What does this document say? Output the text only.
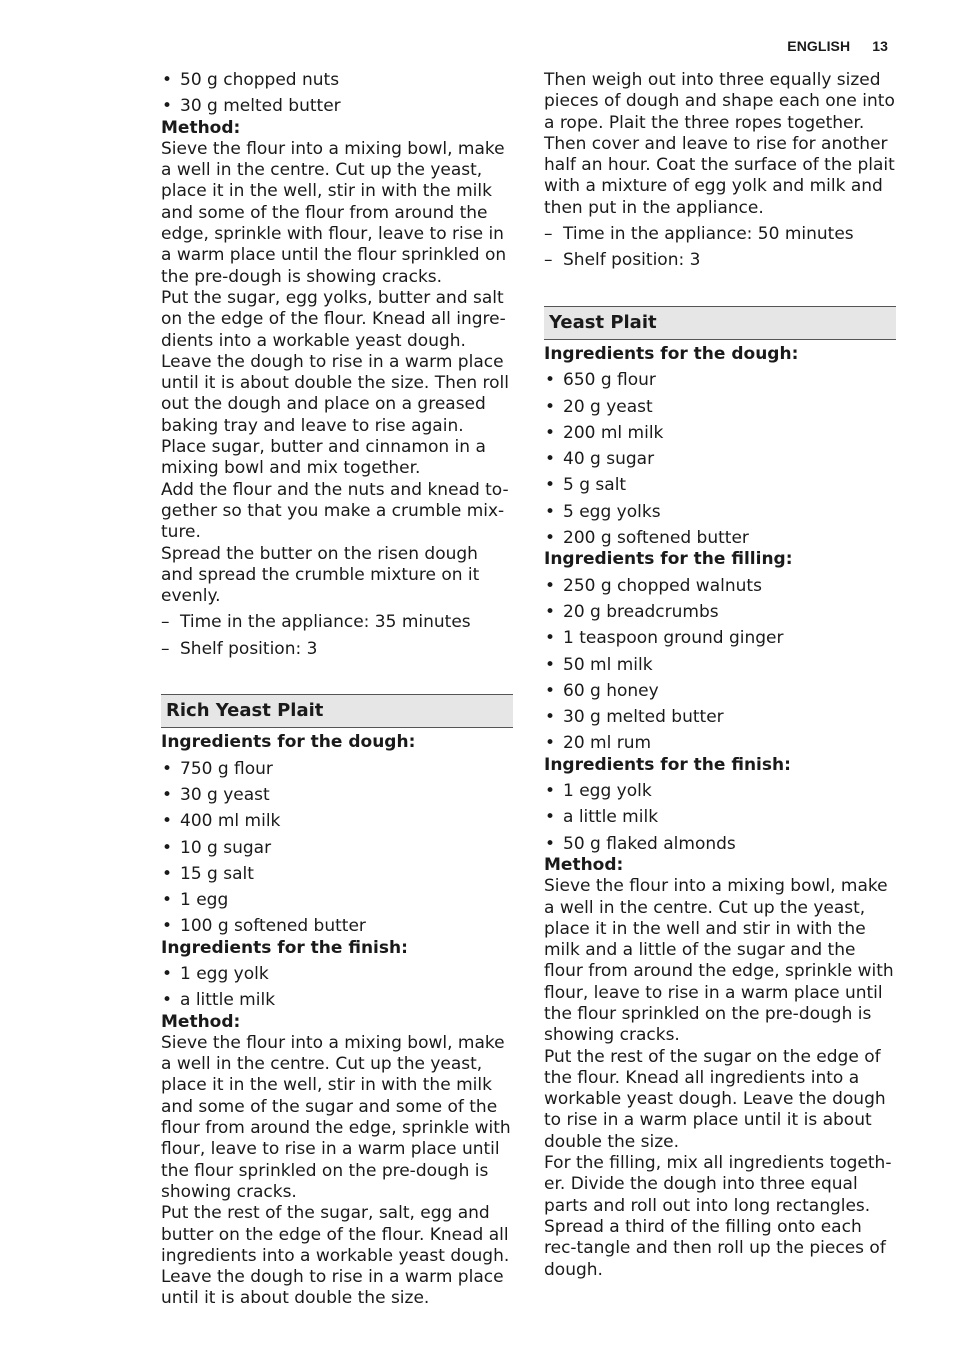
ENGLISH 13
• 50 g chopped nuts
• 30 g melted butter

Method:

Sieve the flour into a mixing bowl, make a well in the centre. Cut up the yeast, place it in the well, stir in with the milk and some of the flour from around the edge, sprinkle with flour, leave to rise in a warm place until the flour sprinkled on the pre-dough is showing cracks.

Put the sugar, egg yolks, butter and salt on the edge of the flour. Knead all ingre-dients into a workable yeast dough.

Leave the dough to rise in a warm place until it is about double the size. Then roll out the dough and place on a greased baking tray and leave to rise again.

Place sugar, butter and cinnamon in a mixing bowl and mix together.

Add the flour and the nuts and knead to-gether so that you make a crumble mix-ture.

Spread the butter on the risen dough and spread the crumble mixture on it evenly.

– Time in the appliance: 35 minutes
– Shelf position: 3
Rich Yeast Plait

Ingredients for the dough:

• 750 g flour
• 30 g yeast
• 400 ml milk
• 10 g sugar
• 15 g salt
• 1 egg
• 100 g softened butter

Ingredients for the finish:

• 1 egg yolk
• a little milk

Method:

Sieve the flour into a mixing bowl, make a well in the centre. Cut up the yeast, place it in the well, stir in with the milk and some of the sugar and some of the flour from around the edge, sprinkle with flour, leave to rise in a warm place until the flour sprinkled on the pre-dough is showing cracks.

Put the rest of the sugar, salt, egg and butter on the edge of the flour. Knead all ingredients into a workable yeast dough.

Leave the dough to rise in a warm place until it is about double the size.

Then weigh out into three equally sized pieces of dough and shape each one into a rope. Plait the three ropes together. Then cover and leave to rise for another half an hour. Coat the surface of the plait with a mixture of egg yolk and milk and then put in the appliance.

– Time in the appliance: 50 minutes
– Shelf position: 3
Yeast Plait

Ingredients for the dough:

• 650 g flour
• 20 g yeast
• 200 ml milk
• 40 g sugar
• 5 g salt
• 5 egg yolks
• 200 g softened butter

Ingredients for the filling:

• 250 g chopped walnuts
• 20 g breadcrumbs
• 1 teaspoon ground ginger
• 50 ml milk
• 60 g honey
• 30 g melted butter
• 20 ml rum

Ingredients for the finish:

• 1 egg yolk
• a little milk
• 50 g flaked almonds

Method:

Sieve the flour into a mixing bowl, make a well in the centre. Cut up the yeast, place it in the well and stir in with the milk and a little of the sugar and the flour from around the edge, sprinkle with flour, leave to rise in a warm place until the flour sprinkled on the pre-dough is showing cracks.

Put the rest of the sugar on the edge of the flour. Knead all ingredients into a workable yeast dough. Leave the dough to rise in a warm place until it is about double the size.

For the filling, mix all ingredients togeth-er. Divide the dough into three equal parts and roll out into long rectangles. Spread a third of the filling onto each rec-tangle and then roll up the pieces of dough.
